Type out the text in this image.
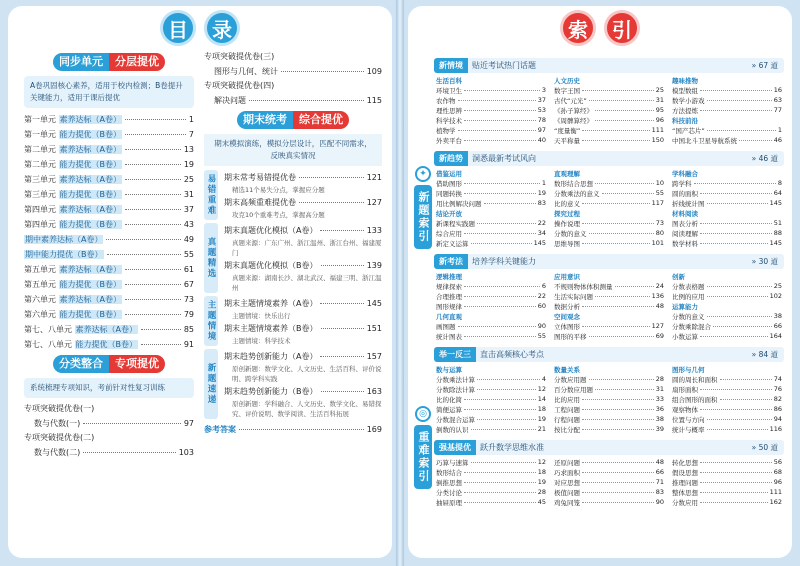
目	录
同步单元	分层提优
A卷巩固核心素养，适用于校内检测；B卷提升关键能力，适用于课后提优
第一单元 素养达标（A卷）	1
第一单元 能力提优（B卷）	7
第二单元 素养达标（A卷）	13
第二单元 能力提优（B卷）	19
第三单元 素养达标（A卷）	25
第三单元 能力提优（B卷）	31
第四单元 素养达标（A卷）	37
第四单元 能力提优（B卷）	43
期中素养达标（A卷）	49
期中能力提优（B卷）	55
第五单元 素养达标（A卷）	61
第五单元 能力提优（B卷）	67
第六单元 素养达标（A卷）	73
第六单元 能力提优（B卷）	79
第七、八单元 素养达标（A卷）	85
第七、八单元 能力提优（B卷）	91
分类整合	专项提优
系统梳理专项知识，考前针对性复习训练
专项突破提优卷(一)
数与代数(一)	97
专项突破提优卷(二)
数与代数(二)	103
专项突破提优卷(三)
图形与几何、统计	109
专项突破提优卷(四)
解决问题	115
期末统考	综合提优
期末模拟演练，模拟分层设计，匹配不同需求，反映真实情况
易错重难 期末常考易错提优卷	121
精选11个易失分点，掌握应分题
期末高频重难提优卷	127
攻克10个重难考点，掌握高分题
真题精选
期末真题优化模拟（A卷）	133
真题来源：广东广州、浙江温州、浙江台州、福建厦门
期末真题优化模拟（B卷）	139
真题来源：湖南长沙、湖北武汉、福建三明、浙江温州
主题情境 期末主题情境素养（A卷）	145
主题情境：快乐出行
期末主题情境素养（B卷）	151
主题情境：科学技术
新题速递
期末趋势创新能力（A卷）	157
原创新题：数学文化、人文历史、生活百科、评价说明、跨学科实践
期末趋势创新能力（B卷）	163
原创新题：学科融合、人文历史、数学文化、易错探究、评价说明、数学阅读、生活百科拓展
参考答案	169
索	引
✦
新题索引
◎
重难索引
新情境	贴近考试热门话题	» 67 道
生活百科	人文历史	趣味推物
环境卫生	3 数字王国	25 模型数组	16
农作物	37 古代“元光”	31 数学小游戏	63
理性思辨	53 《孙子算经》	95 方法提炼	77
科学技术	78 《周髀算经》	96 科技前沿
植物学	97 “度量衡”	111 “国产芯片”	1
外卖平台	40 天平称量	150 中国北斗卫星导航系统	46
新趋势	洞悉最新考试风向	» 46 道
借鉴运用	直观理解	学科融合
借助图形	1 数形结合思想	10 跨学科	8
同题转换	19 分数乘法的意义	55 圆的面积	64
用比例解决问题	83 比的意义	117 折线统计图	145
结论开放	探究过程	材料阅读
新课程实践题	22 操作说理	73 图表分析	51
综合应用	34 分数的意义	80 阅读理解	88
新定义运算	145 思维导图	101 数学材料	145
新考法	培养学科关键能力	» 30 道
逻辑推理	应用意识	创新
规律探索	6 不规则物体体积测量	24 分数表格题	25
合理推理	22 生活实际问题	136 比例的应用	102
图形规律	60 数据分析	48 运算能力
几何直观	空间观念	分数的意义	38
画图题	90 立体图形	127 分数乘除混合	66
统计图表	55 图形的平移	69 小数运算	164
举一反三	直击高频核心考点	» 84 道
数与运算	数量关系	图形与几何
分数乘法计算	4 分数应用题	28 圆的周长和面积	74
分数除法计算	12 百分数应用题	31 扇形面积	76
比的化简	14 比的应用	33 组合图形的面积	82
简便运算	18 工程问题	36 观察物体	86
分数混合运算	19 行程问题	38 位置与方向	94
倒数的认识	21 按比分配	39 统计与概率	116
强基提优	跃升数学思维水准	» 50 道
巧算与速算	12 还原问题	48 转化思想	56
数形结合	18 巧求面积	66 假设思想	68
倒推思想	19 对应思想	71 推理问题	96
分类讨论	28 极值问题	83 整体思想	111
抽屉原理	45 鸡兔同笼	90 分数应用	162
